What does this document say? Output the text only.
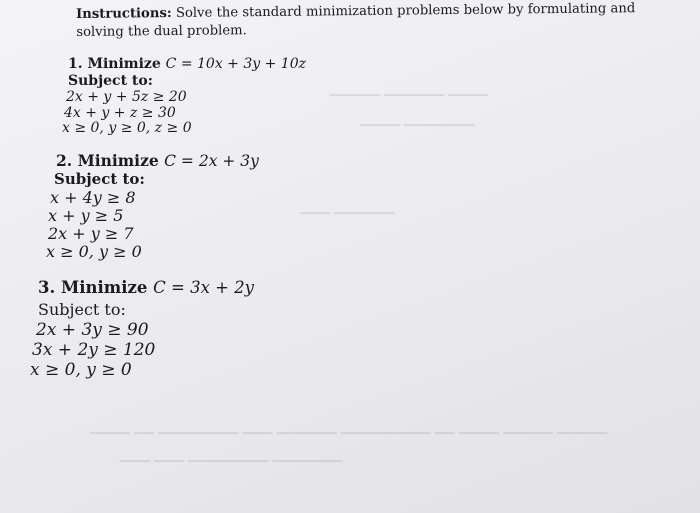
▁▁▁▁▁ ▁▁▁▁▁▁ ▁▁▁▁
▁▁▁▁ ▁▁▁▁▁▁▁
▁▁▁ ▁▁▁▁▁▁
▁▁▁▁ ▁▁ ▁▁▁▁▁▁▁▁ ▁▁▁ ▁▁▁▁▁▁ ▁▁▁▁▁▁▁▁▁ ▁▁ ▁▁▁▁ ▁▁▁▁▁ ▁▁▁▁▁
▁▁▁ ▁▁▁ ▁▁▁▁▁▁▁▁ ▁▁▁▁▁▁▁
Instructions: Solve the standard minimization problems below by formulating and solving the dual problem.
1. Minimize C = 10x + 3y + 10z
Subject to:
2x + y + 5z ≥ 20
4x + y + z ≥ 30
x ≥ 0, y ≥ 0, z ≥ 0
2. Minimize C = 2x + 3y
Subject to:
x + 4y ≥ 8
x + y ≥ 5
2x + y ≥ 7
x ≥ 0, y ≥ 0
3. Minimize C = 3x + 2y
Subject to:
2x + 3y ≥ 90
3x + 2y ≥ 120
x ≥ 0, y ≥ 0
